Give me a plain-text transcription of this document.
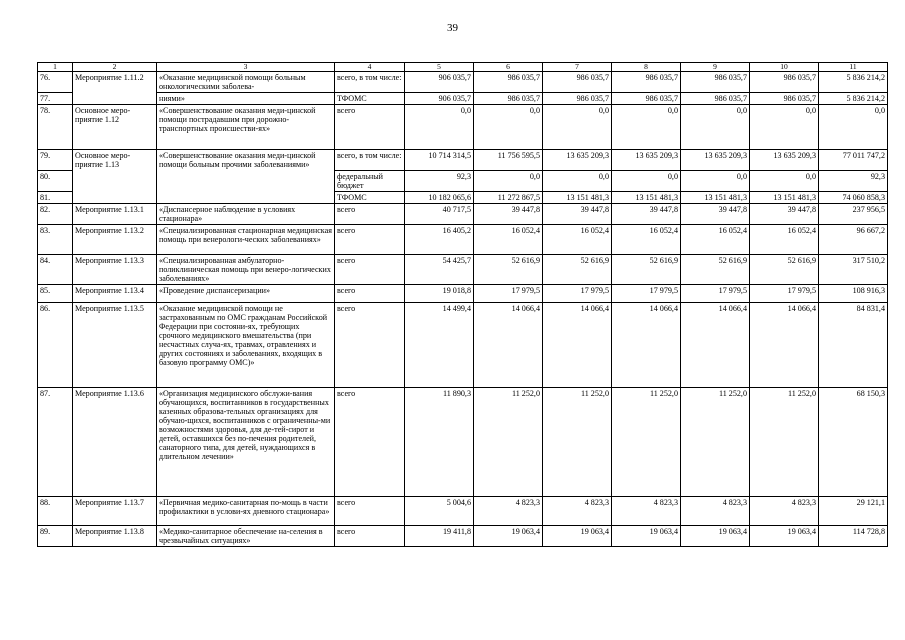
39
1	2	3	4	5	6	7	8	9	10	11
76.	Мероприятие 1.11.2	«Оказание медицинской помощи больным онкологическими заболева-	всего, в том числе:	906 035,7	986 035,7	986 035,7	986 035,7	986 035,7	986 035,7	5 836 214,2
77.		ниями»	ТФОМС	906 035,7	986 035,7	986 035,7	986 035,7	986 035,7	986 035,7	5 836 214,2
78.	Основное меро-приятие 1.12	«Совершенствование оказания меди-цинской помощи пострадавшим при дорожно-транспортных происшестви-ях»	всего	0,0	0,0	0,0	0,0	0,0	0,0	0,0
79.	Основное меро-приятие 1.13	«Совершенствование оказания меди-цинской помощи больным прочими заболеваниями»	всего, в том числе:	10 714 314,5	11 756 595,5	13 635 209,3	13 635 209,3	13 635 209,3	13 635 209,3	77 011 747,2
80.			федеральный бюджет	92,3	0,0	0,0	0,0	0,0	0,0	92,3
81.			ТФОМС	10 182 065,6	11 272 867,5	13 151 481,3	13 151 481,3	13 151 481,3	13 151 481,3	74 060 858,3
82.	Мероприятие 1.13.1	«Диспансерное наблюдение в условиях стационара»	всего	40 717,5	39 447,8	39 447,8	39 447,8	39 447,8	39 447,8	237 956,5
83.	Мероприятие 1.13.2	«Специализированная стационарная медицинская помощь при венерологи-ческих заболеваниях»	всего	16 405,2	16 052,4	16 052,4	16 052,4	16 052,4	16 052,4	96 667,2
84.	Мероприятие 1.13.3	«Специализированная амбулаторно-поликлиническая помощь при венеро-логических заболеваниях»	всего	54 425,7	52 616,9	52 616,9	52 616,9	52 616,9	52 616,9	317 510,2
85.	Мероприятие 1.13.4	«Проведение диспансеризации»	всего	19 018,8	17 979,5	17 979,5	17 979,5	17 979,5	17 979,5	108 916,3
86.	Мероприятие 1.13.5	«Оказание медицинской помощи не застрахованным по ОМС гражданам Российской Федерации при состояни-ях, требующих срочного медицинского вмешательства (при несчастных случа-ях, травмах, отравлениях и других состояниях и заболеваниях, входящих в базовую программу ОМС)»	всего	14 499,4	14 066,4	14 066,4	14 066,4	14 066,4	14 066,4	84 831,4
87.	Мероприятие 1.13.6	«Организация медицинского обслужи-вания обучающихся, воспитанников в государственных казенных образова-тельных организациях для обучаю-щихся, воспитанников с ограниченны-ми возможностями здоровья, для де-тей-сирот и детей, оставшихся без по-печения родителей, санаторного типа, для детей, нуждающихся в длительном лечении»	всего	11 890,3	11 252,0	11 252,0	11 252,0	11 252,0	11 252,0	68 150,3
88.	Мероприятие 1.13.7	«Первичная медико-санитарная по-мощь в части профилактики в услови-ях дневного стационара»	всего	5 004,6	4 823,3	4 823,3	4 823,3	4 823,3	4 823,3	29 121,1
89.	Мероприятие 1.13.8	«Медико-санитарное обеспечение на-селения в чрезвычайных ситуациях»	всего	19 411,8	19 063,4	19 063,4	19 063,4	19 063,4	19 063,4	114 728,8
